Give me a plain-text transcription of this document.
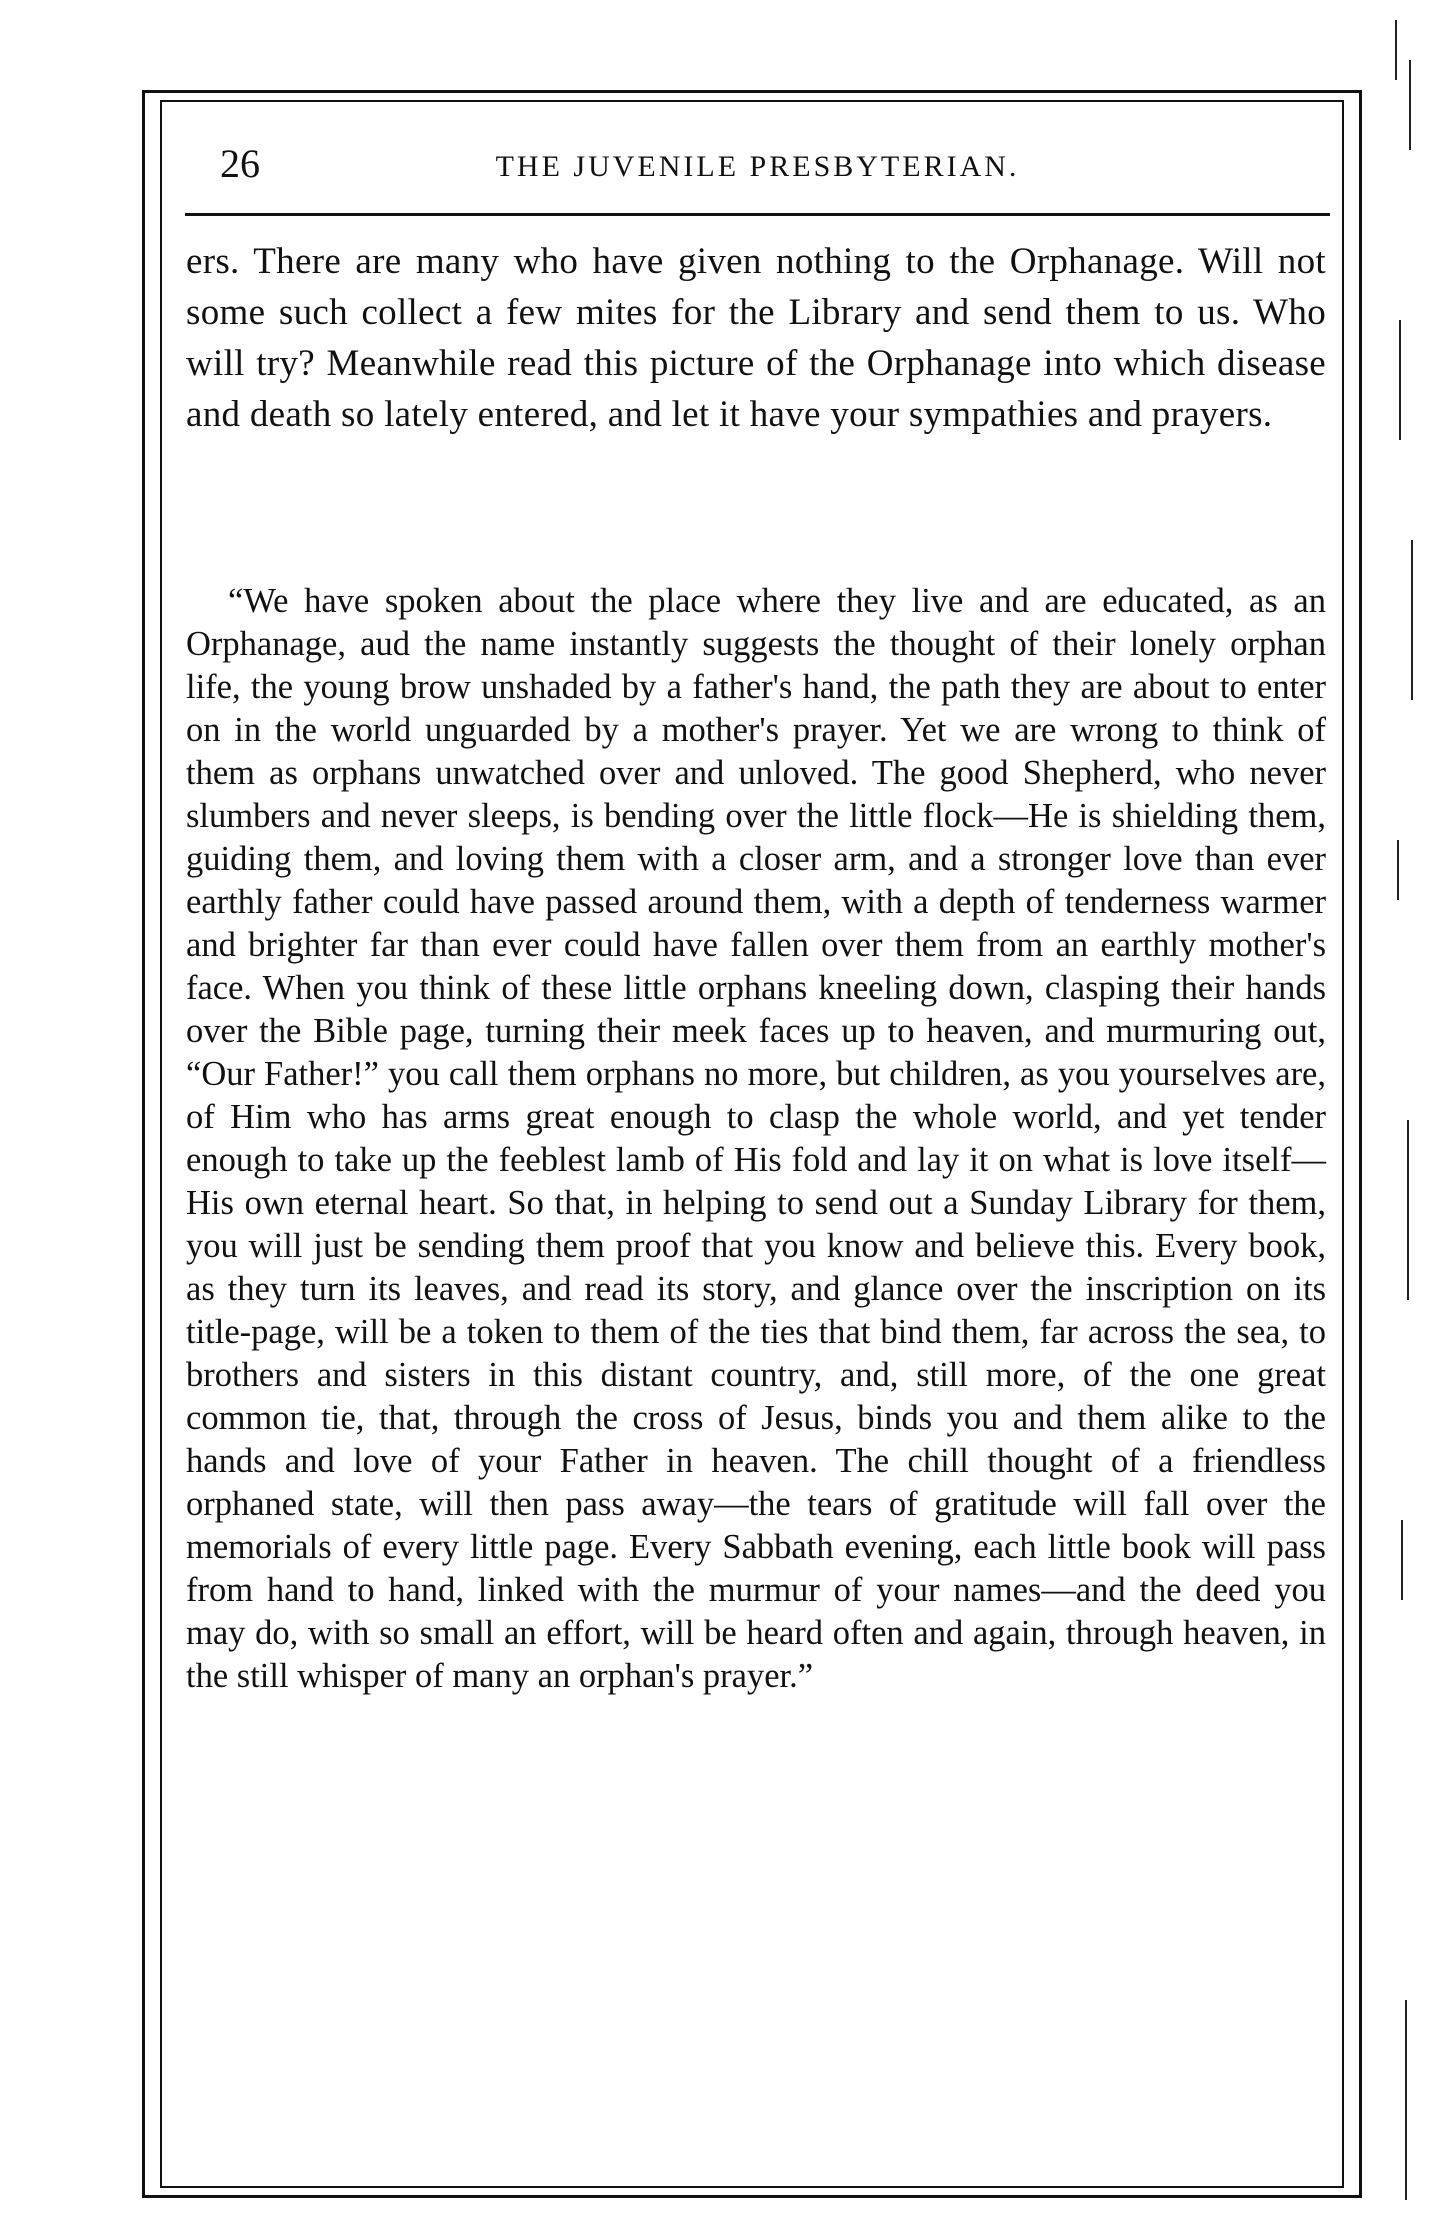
26	THE JUVENILE PRESBYTERIAN.

ers. There are many who have given nothing to the Orphanage. Will not some such collect a few mites for the Library and send them to us. Who will try? Meanwhile read this picture of the Orphanage into which disease and death so lately entered, and let it have your sympathies and prayers.

“We have spoken about the place where they live and are educated, as an Orphanage, aud the name instantly suggests the thought of their lonely orphan life, the young brow unshaded by a father's hand, the path they are about to enter on in the world unguarded by a mother's prayer. Yet we are wrong to think of them as orphans unwatched over and unloved. The good Shepherd, who never slumbers and never sleeps, is bending over the little flock—He is shielding them, guiding them, and loving them with a closer arm, and a stronger love than ever earthly father could have passed around them, with a depth of tenderness warmer and brighter far than ever could have fallen over them from an earthly mother's face. When you think of these little orphans kneeling down, clasping their hands over the Bible page, turning their meek faces up to heaven, and murmuring out, “Our Father!” you call them orphans no more, but children, as you yourselves are, of Him who has arms great enough to clasp the whole world, and yet tender enough to take up the feeblest lamb of His fold and lay it on what is love itself—His own eternal heart. So that, in helping to send out a Sunday Library for them, you will just be sending them proof that you know and believe this. Every book, as they turn its leaves, and read its story, and glance over the inscription on its title-page, will be a token to them of the ties that bind them, far across the sea, to brothers and sisters in this distant country, and, still more, of the one great common tie, that, through the cross of Jesus, binds you and them alike to the hands and love of your Father in heaven. The chill thought of a friendless orphaned state, will then pass away—the tears of gratitude will fall over the memorials of every little page. Every Sabbath evening, each little book will pass from hand to hand, linked with the murmur of your names—and the deed you may do, with so small an effort, will be heard often and again, through heaven, in the still whisper of many an orphan's prayer.”
